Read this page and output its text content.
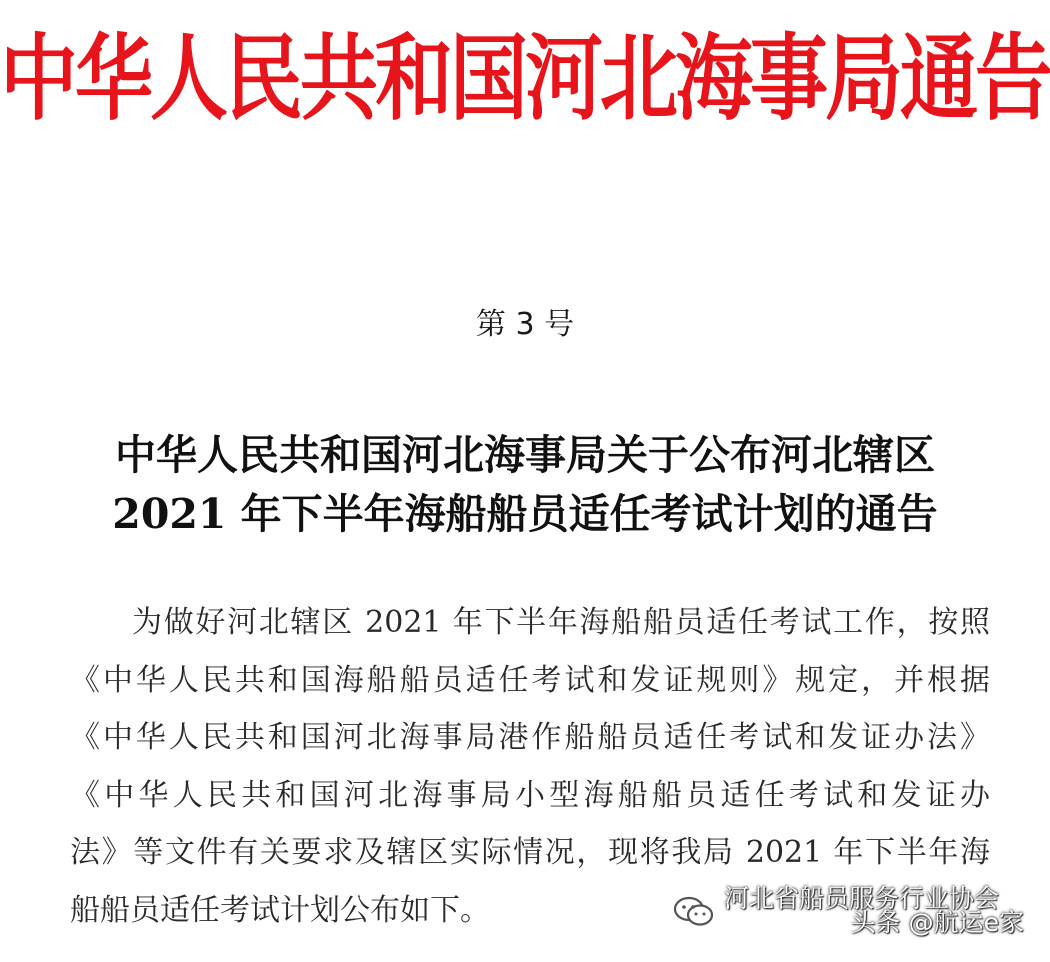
中华人民共和国河北海事局通告
第 3 号
中华人民共和国河北海事局关于公布河北辖区
2021 年下半年海船船员适任考试计划的通告
为做好河北辖区 2021 年下半年海船船员适任考试工作，按照
《中华人民共和国海船船员适任考试和发证规则》规定，并根据
《中华人民共和国河北海事局港作船船员适任考试和发证办法》
《中华人民共和国河北海事局小型海船船员适任考试和发证办
法》等文件有关要求及辖区实际情况，现将我局 2021 年下半年海
船船员适任考试计划公布如下。	河北省船员服务行业协会
头条 @航运e家
